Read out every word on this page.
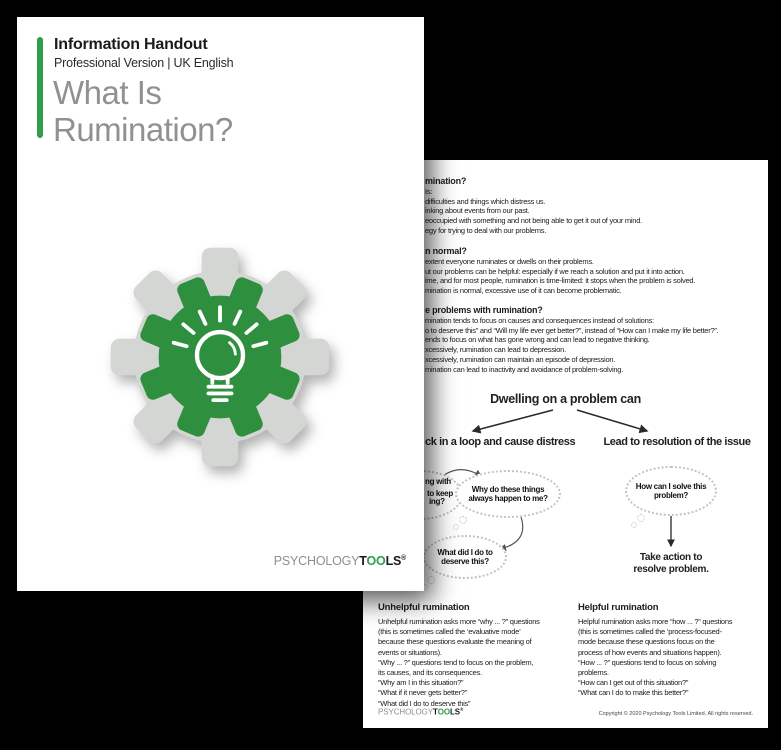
mination?
Is:
difficulties and things which distress us.
inking about events from our past.
eoccupied with something and not being able to get it out of your mind.
egy for trying to deal with our problems.
n normal?
extent everyone ruminates or dwells on their problems.
ut our problems can be helpful: especially if we reach a solution and put it into action.
ime, and for most people, rumination is time-limited: it stops when the problem is solved.
mination is normal, excessive use of it can become problematic.
e problems with rumination?
mination tends to focus on causes and consequences instead of solutions:
o to deserve this” and “Will my life ever get better?”, instead of “How can I make my life better?”.
ends to focus on what has gone wrong and can lead to negative thinking.
xcessively, rumination can lead to depression.
xcessively, rumination can maintain an episode of depression.
mination can lead to inactivity and avoidance of problem-solving.
Dwelling on a problem can
ck in a loop and cause distress	Lead to resolution of the issue
ng with
to keep
ing?
Why do these things
always happen to me?
What did I do to
deserve this?
How can I solve this
problem?
Take action to
resolve problem.
Unhelpful rumination
Unhelpful rumination asks more “why ... ?” questions
(this is sometimes called the ‘evaluative mode’
because these questions evaluate the meaning of
events or situations).
“Why ... ?” questions tend to focus on the problem,
its causes, and its consequences.
“Why am I in this situation?”
“What if it never gets better?”
“What did I do to deserve this”
Helpful rumination
Helpful rumination asks more “how ... ?” questions
(this is sometimes called the ‘process-focused-
mode because these questions focus on the
process of how events and situations happen).
“How ... ?” questions tend to focus on solving
problems.
“How can I get out of this situation?”
“What can I do to make this better?”
PSYCHOLOGYTOOLS®
Copyright © 2020 Psychology Tools Limited. All rights reserved.
Information Handout
Professional Version | UK English
What Is
Rumination?
PSYCHOLOGYTOOLS®
